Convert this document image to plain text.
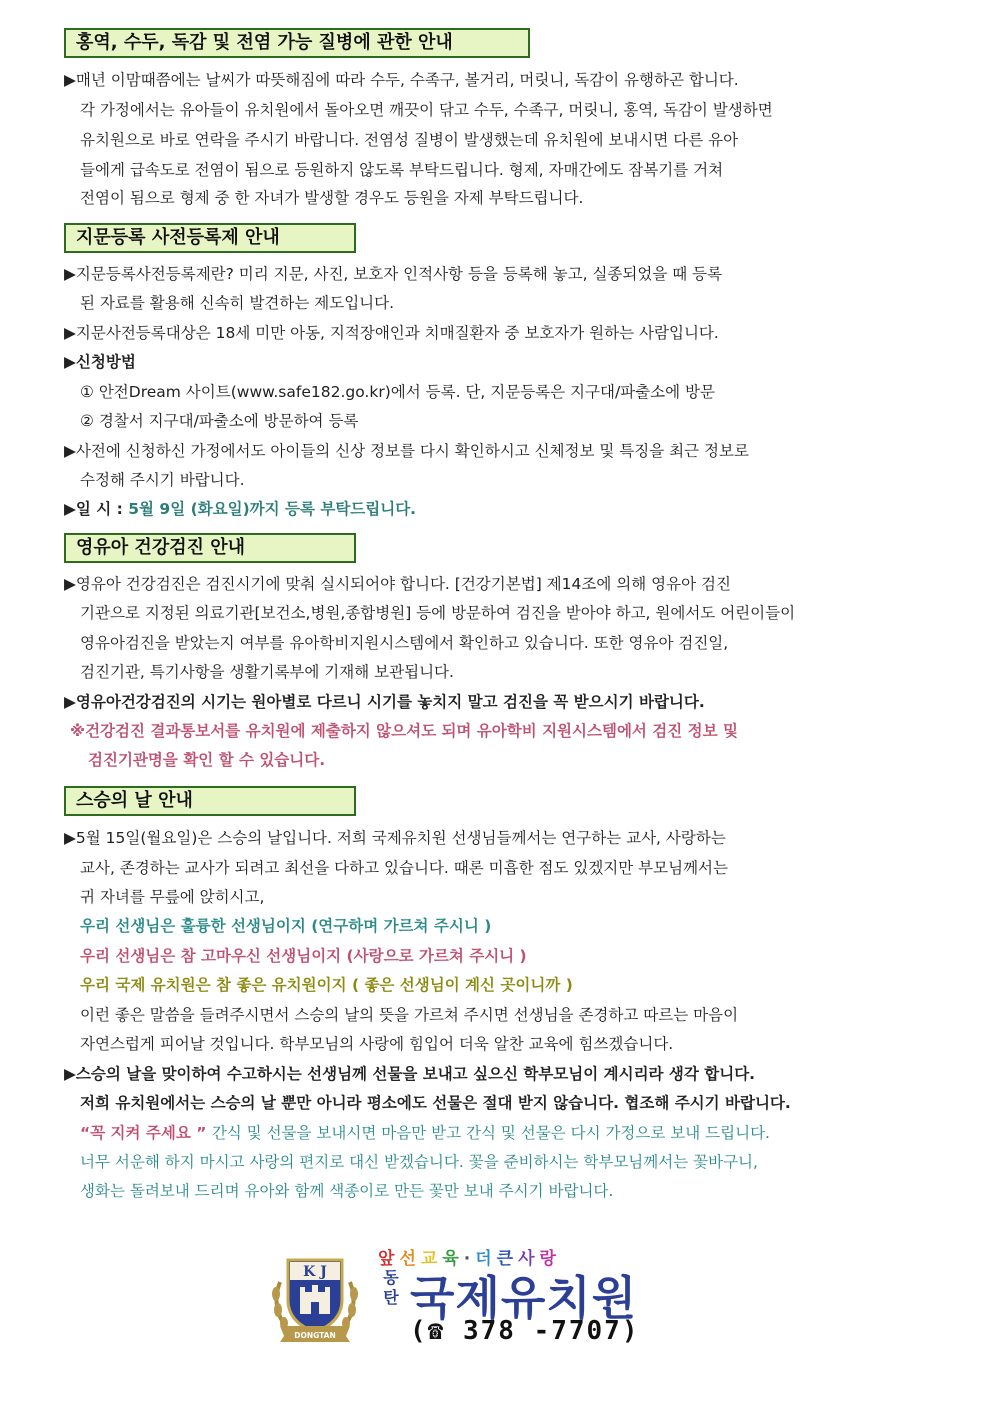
홍역, 수두, 독감 및 전염 가능 질병에 관한 안내
▶매년 이맘때쯤에는 날씨가 따뜻해짐에 따라 수두, 수족구, 볼거리, 머릿니, 독감이 유행하곤 합니다.
각 가정에서는 유아들이 유치원에서 돌아오면 깨끗이 닦고 수두, 수족구, 머릿니, 홍역, 독감이 발생하면
유치원으로 바로 연락을 주시기 바랍니다. 전염성 질병이 발생했는데 유치원에 보내시면 다른 유아
들에게 급속도로 전염이 됨으로 등원하지 않도록 부탁드립니다. 형제, 자매간에도 잠복기를 거쳐
전염이 됨으로 형제 중 한 자녀가 발생할 경우도 등원을 자제 부탁드립니다.
지문등록 사전등록제 안내
▶지문등록사전등록제란? 미리 지문, 사진, 보호자 인적사항 등을 등록해 놓고, 실종되었을 때 등록
된 자료를 활용해 신속히 발견하는 제도입니다.
▶지문사전등록대상은 18세 미만 아동, 지적장애인과 치매질환자 중 보호자가 원하는 사람입니다.
▶신청방법
① 안전Dream 사이트(www.safe182.go.kr)에서 등록. 단, 지문등록은 지구대/파출소에 방문
② 경찰서 지구대/파출소에 방문하여 등록
▶사전에 신청하신 가정에서도 아이들의 신상 정보를 다시 확인하시고 신체정보 및 특징을 최근 정보로
수정해 주시기 바랍니다.
▶일 시 : 5월 9일 (화요일)까지 등록 부탁드립니다.
영유아 건강검진 안내
▶영유아 건강검진은 검진시기에 맞춰 실시되어야 합니다. [건강기본법] 제14조에 의해 영유아 검진
기관으로 지정된 의료기관[보건소,병원,종합병원] 등에 방문하여 검진을 받아야 하고, 원에서도 어린이들이
영유아검진을 받았는지 여부를 유아학비지원시스템에서 확인하고 있습니다. 또한 영유아 검진일,
검진기관, 특기사항을 생활기록부에 기재해 보관됩니다.
▶영유아건강검진의 시기는 원아별로 다르니 시기를 놓치지 말고 검진을 꼭 받으시기 바랍니다.
※건강검진 결과통보서를 유치원에 제출하지 않으셔도 되며 유아학비 지원시스템에서 검진 정보 및
검진기관명을 확인 할 수 있습니다.
스승의 날 안내
▶5월 15일(월요일)은 스승의 날입니다. 저희 국제유치원 선생님들께서는 연구하는 교사, 사랑하는
교사, 존경하는 교사가 되려고 최선을 다하고 있습니다. 때론 미흡한 점도 있겠지만 부모님께서는
귀 자녀를 무릎에 앉히시고,
우리 선생님은 훌륭한 선생님이지 (연구하며 가르쳐 주시니 )
우리 선생님은 참 고마우신 선생님이지 (사랑으로 가르쳐 주시니 )
우리 국제 유치원은 참 좋은 유치원이지 ( 좋은 선생님이 계신 곳이니까 )
이런 좋은 말씀을 들려주시면서 스승의 날의 뜻을 가르쳐 주시면 선생님을 존경하고 따르는 마음이
자연스럽게 피어날 것입니다. 학부모님의 사랑에 힘입어 더욱 알찬 교육에 힘쓰겠습니다.
▶스승의 날을 맞이하여 수고하시는 선생님께 선물을 보내고 싶으신 학부모님이 계시리라 생각 합니다.
저희 유치원에서는 스승의 날 뿐만 아니라 평소에도 선물은 절대 받지 않습니다. 협조해 주시기 바랍니다.
“꼭 지켜 주세요 ” 간식 및 선물을 보내시면 마음만 받고 간식 및 선물은 다시 가정으로 보내 드립니다.
너무 서운해 하지 마시고 사랑의 편지로 대신 받겠습니다. 꽃을 준비하시는 학부모님께서는 꽃바구니,
생화는 돌려보내 드리며 유아와 함께 색종이로 만든 꽃만 보내 주시기 바랍니다.
K J
DONGTAN
앞선교육·더큰사랑
동
탄 국제유치원
(☎ 378 -7707)
